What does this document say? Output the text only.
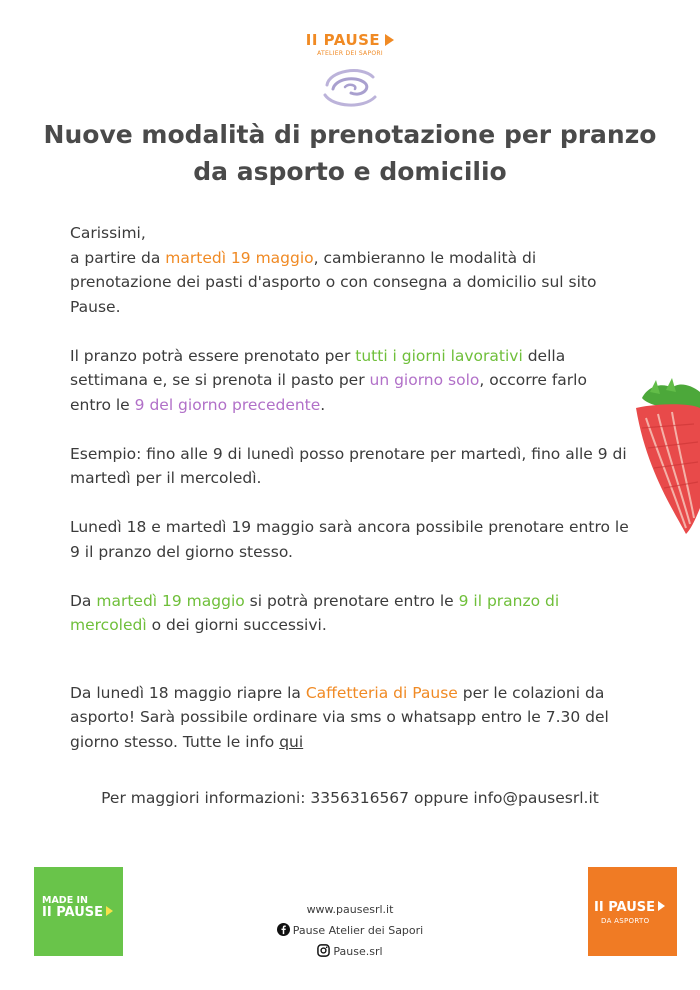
II PAUSE
ATELIER DEI SAPORI
Nuove modalità di prenotazione per pranzo
da asporto e domicilio

Carissimi,

a partire da martedì 19 maggio, cambieranno le modalità di prenotazione dei pasti d'asporto o con consegna a domicilio sul sito Pause.

Il pranzo potrà essere prenotato per tutti i giorni lavorativi della settimana e, se si prenota il pasto per un giorno solo, occorre farlo entro le 9 del giorno precedente.

Esempio: fino alle 9 di lunedì posso prenotare per martedì, fino alle 9 di martedì per il mercoledì.

Lunedì 18 e martedì 19 maggio sarà ancora possibile prenotare entro le 9 il pranzo del giorno stesso.

Da martedì 19 maggio si potrà prenotare entro le 9 il pranzo di mercoledì o dei giorni successivi.

Da lunedì 18 maggio riapre la Caffetteria di Pause per le colazioni da asporto! Sarà possibile ordinare via sms o whatsapp entro le 7.30 del giorno stesso. Tutte le info qui

Per maggiori informazioni: 3356316567 oppure info@pausesrl.it
MADE IN
II PAUSE	II PAUSE
DA ASPORTO
www.pausesrl.it
Pause Atelier dei Sapori
Pause.srl
